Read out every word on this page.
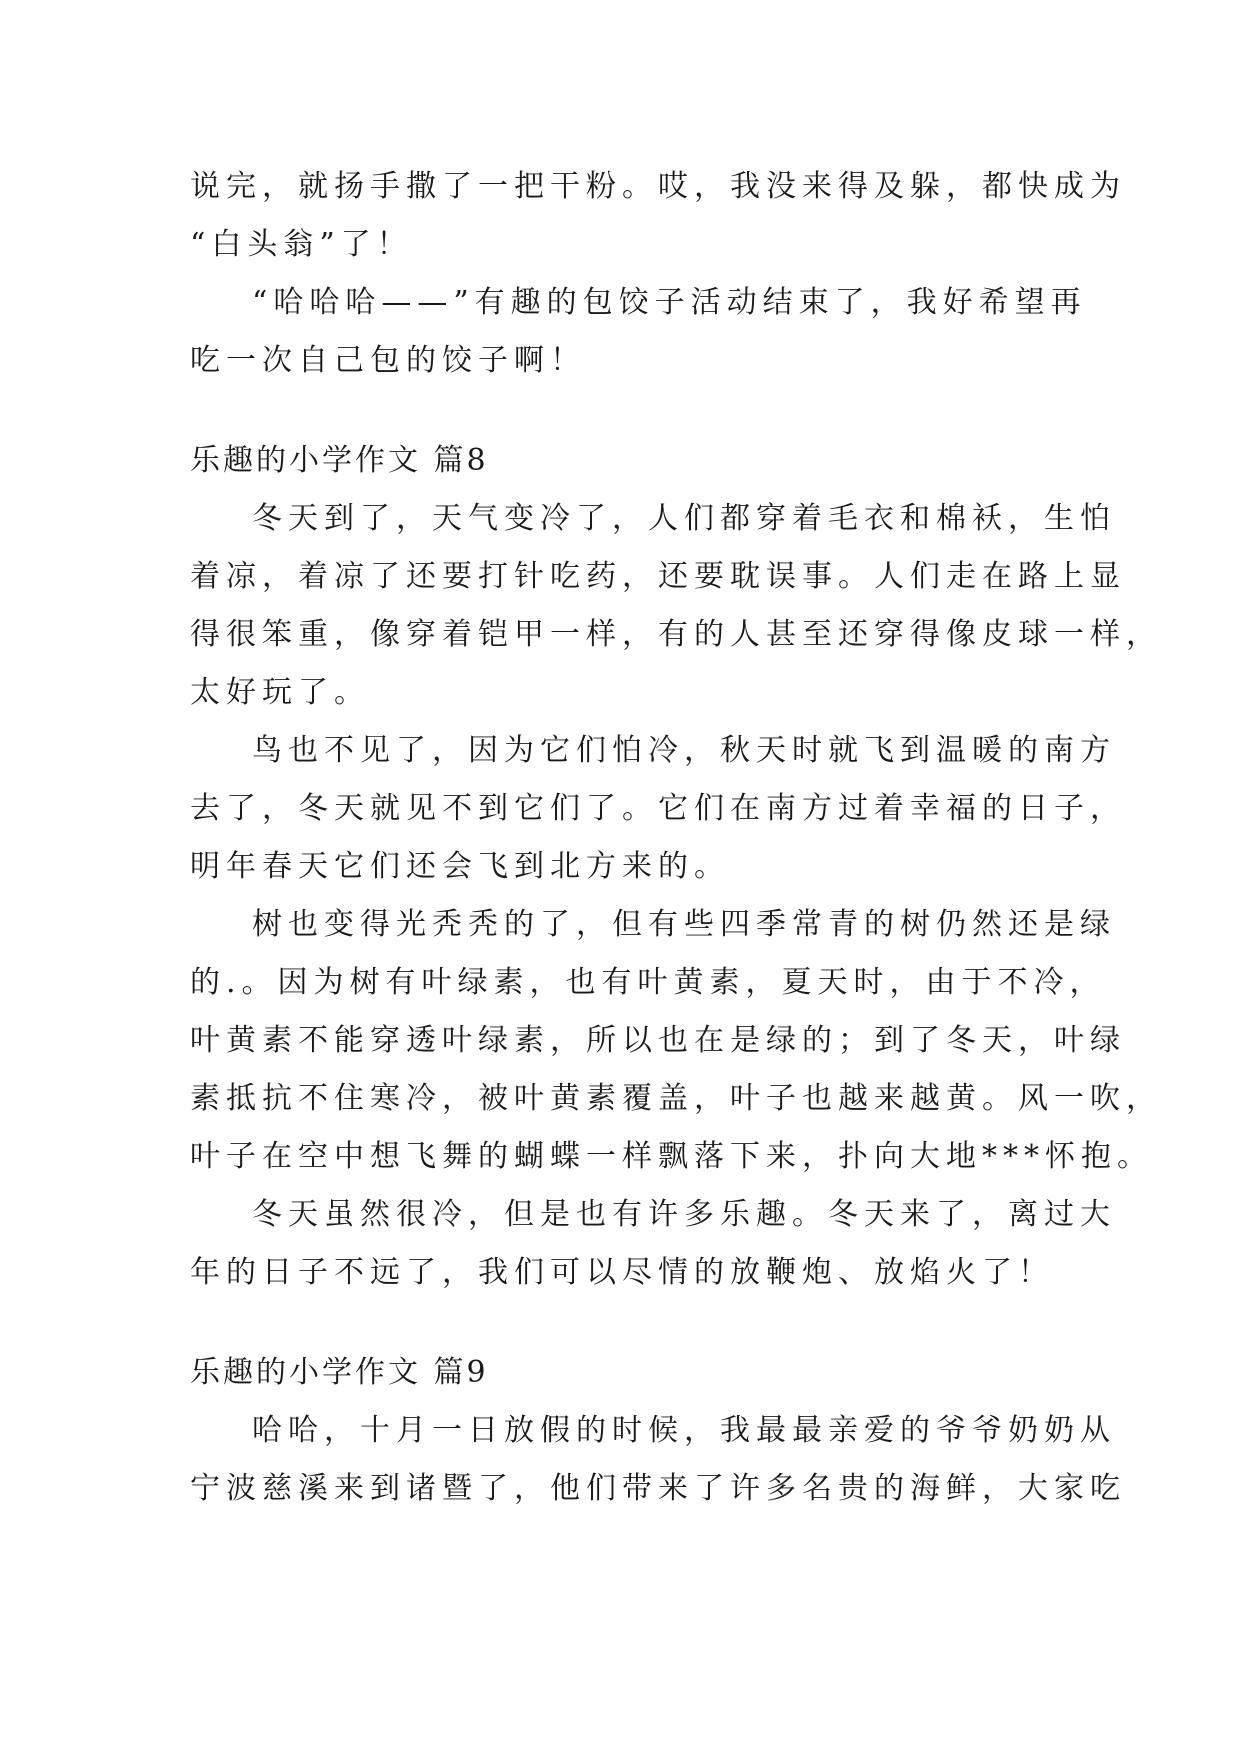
说完，就扬手撒了一把干粉。哎，我没来得及躲，都快成为
“白头翁”了！
“哈哈哈——”有趣的包饺子活动结束了，我好希望再
吃一次自己包的饺子啊！
乐趣的小学作文 篇8
冬天到了，天气变冷了，人们都穿着毛衣和棉袄，生怕
着凉，着凉了还要打针吃药，还要耽误事。人们走在路上显
得很笨重，像穿着铠甲一样，有的人甚至还穿得像皮球一样，
太好玩了。
鸟也不见了，因为它们怕冷，秋天时就飞到温暖的南方
去了，冬天就见不到它们了。它们在南方过着幸福的日子，
明年春天它们还会飞到北方来的。
树也变得光秃秃的了，但有些四季常青的树仍然还是绿
的.。因为树有叶绿素，也有叶黄素，夏天时，由于不冷，
叶黄素不能穿透叶绿素，所以也在是绿的；到了冬天，叶绿
素抵抗不住寒冷，被叶黄素覆盖，叶子也越来越黄。风一吹，
叶子在空中想飞舞的蝴蝶一样飘落下来，扑向大地***怀抱。
冬天虽然很冷，但是也有许多乐趣。冬天来了，离过大
年的日子不远了，我们可以尽情的放鞭炮、放焰火了！
乐趣的小学作文 篇9
哈哈，十月一日放假的时候，我最最亲爱的爷爷奶奶从
宁波慈溪来到诸暨了，他们带来了许多名贵的海鲜，大家吃
